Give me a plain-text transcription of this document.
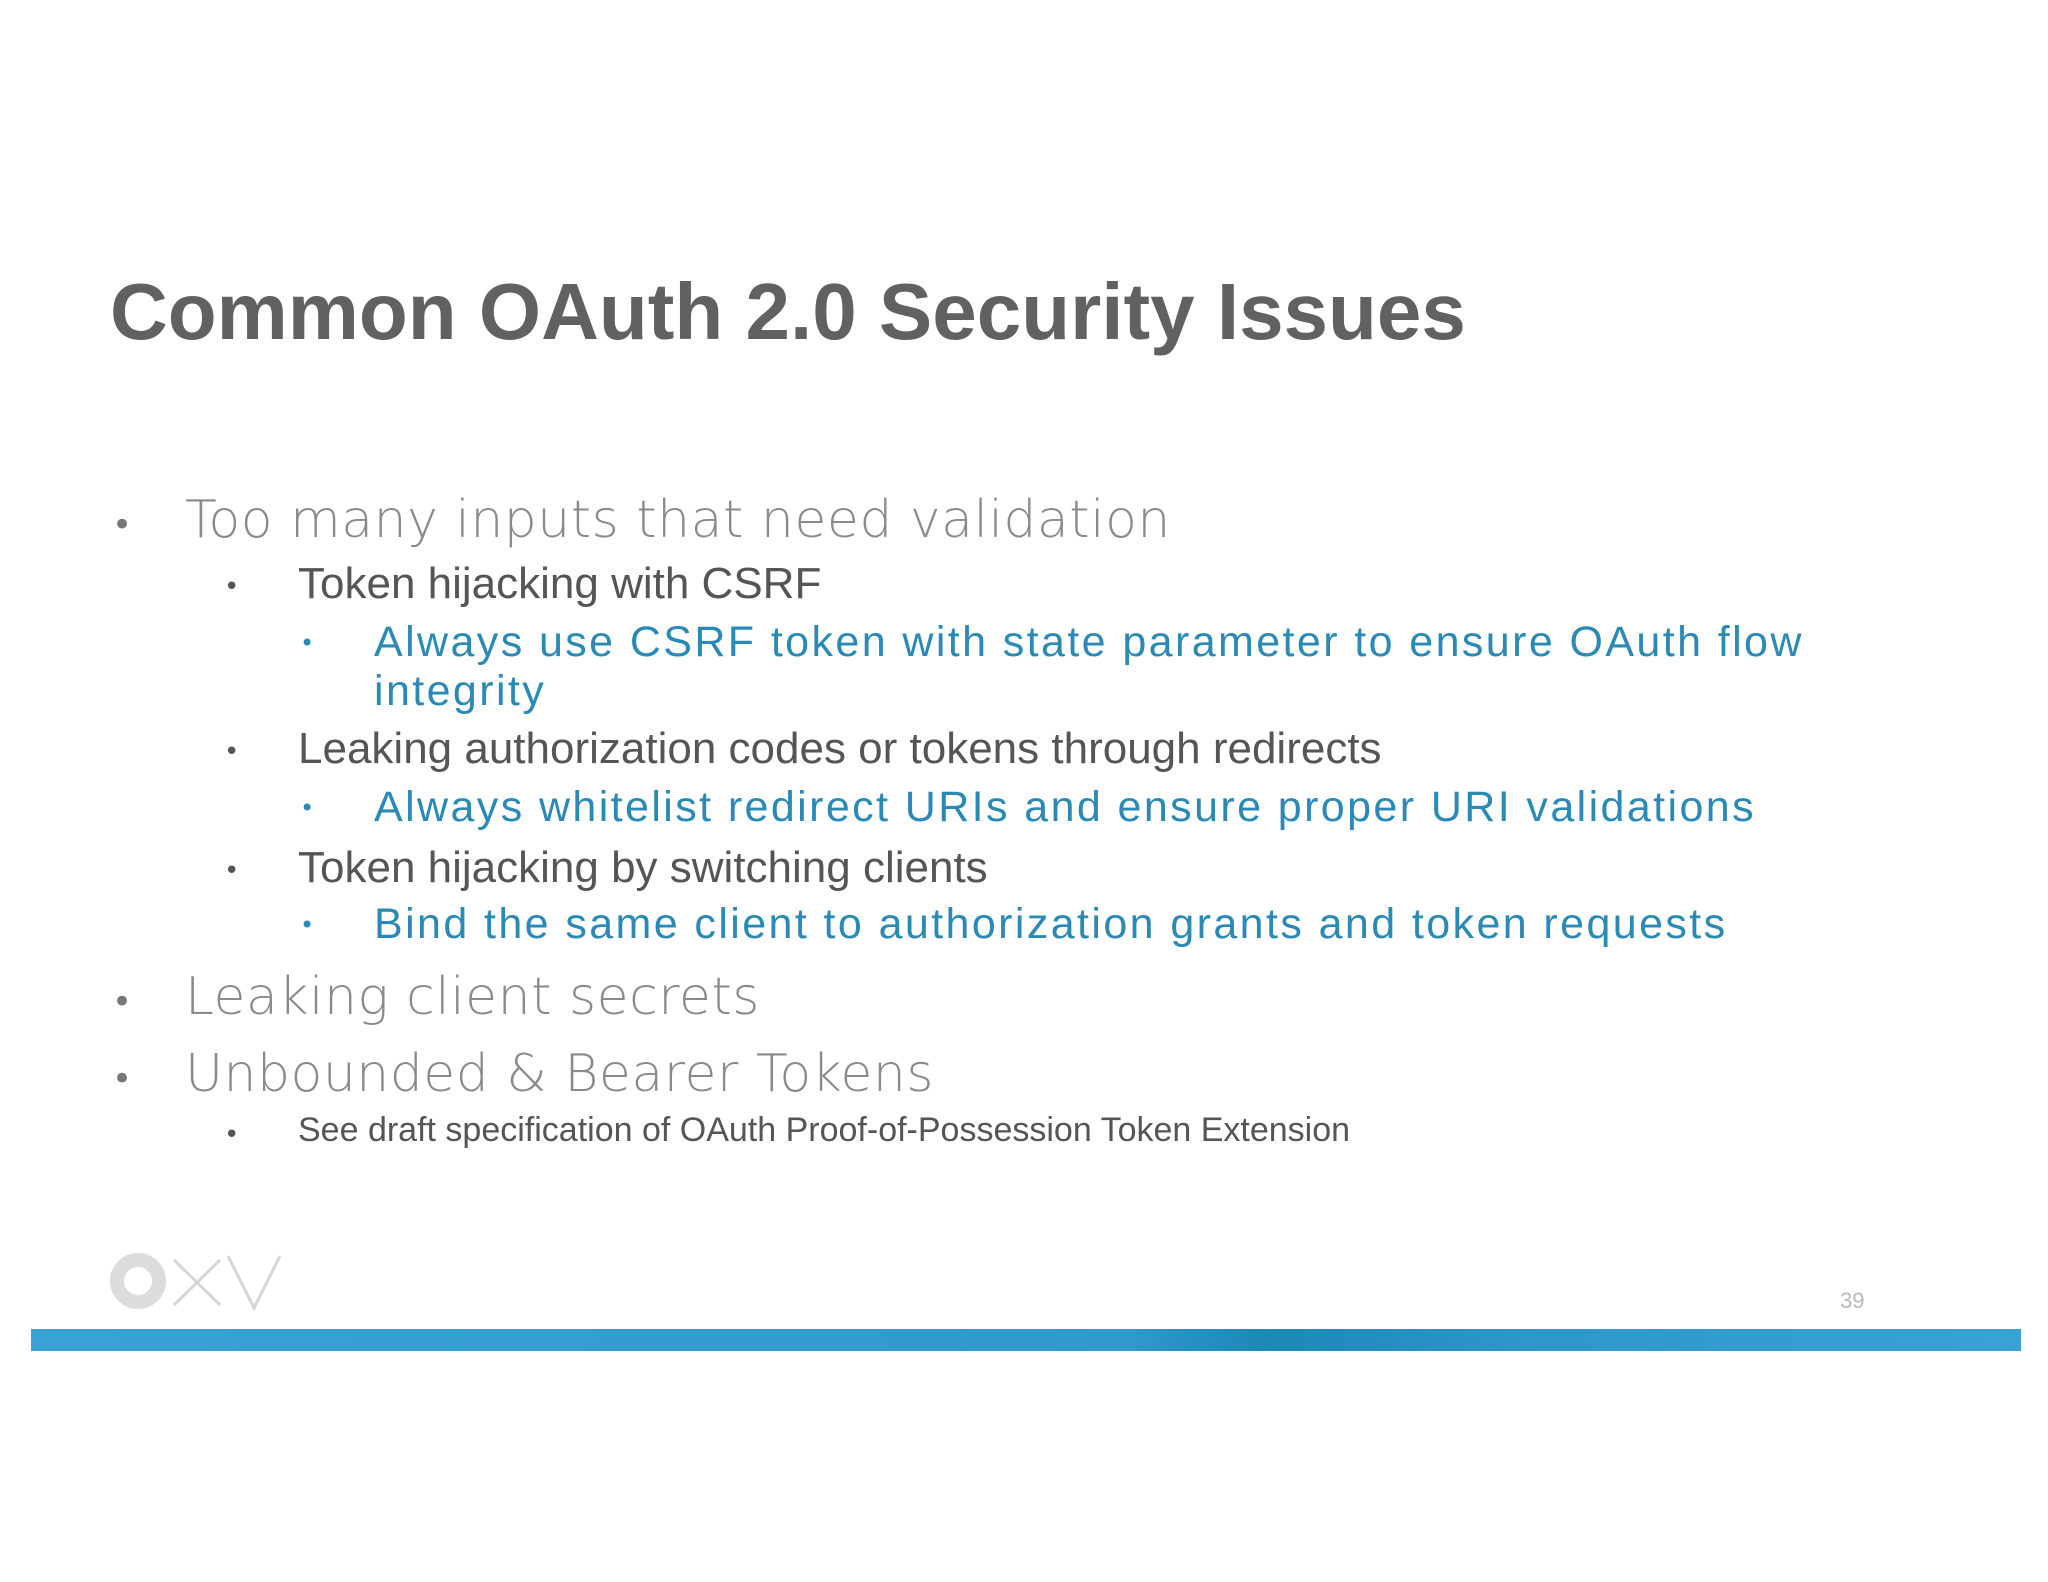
Common OAuth 2.0 Security Issues
• Too many inputs that need validation
• Token hijacking with CSRF
• Always use CSRF token with state parameter to ensure OAuth flow
integrity
• Leaking authorization codes or tokens through redirects
• Always whitelist redirect URIs and ensure proper URI validations
• Token hijacking by switching clients
• Bind the same client to authorization grants and token requests
• Leaking client secrets
• Unbounded & Bearer Tokens
• See draft specification of OAuth Proof-of-Possession Token Extension
39
